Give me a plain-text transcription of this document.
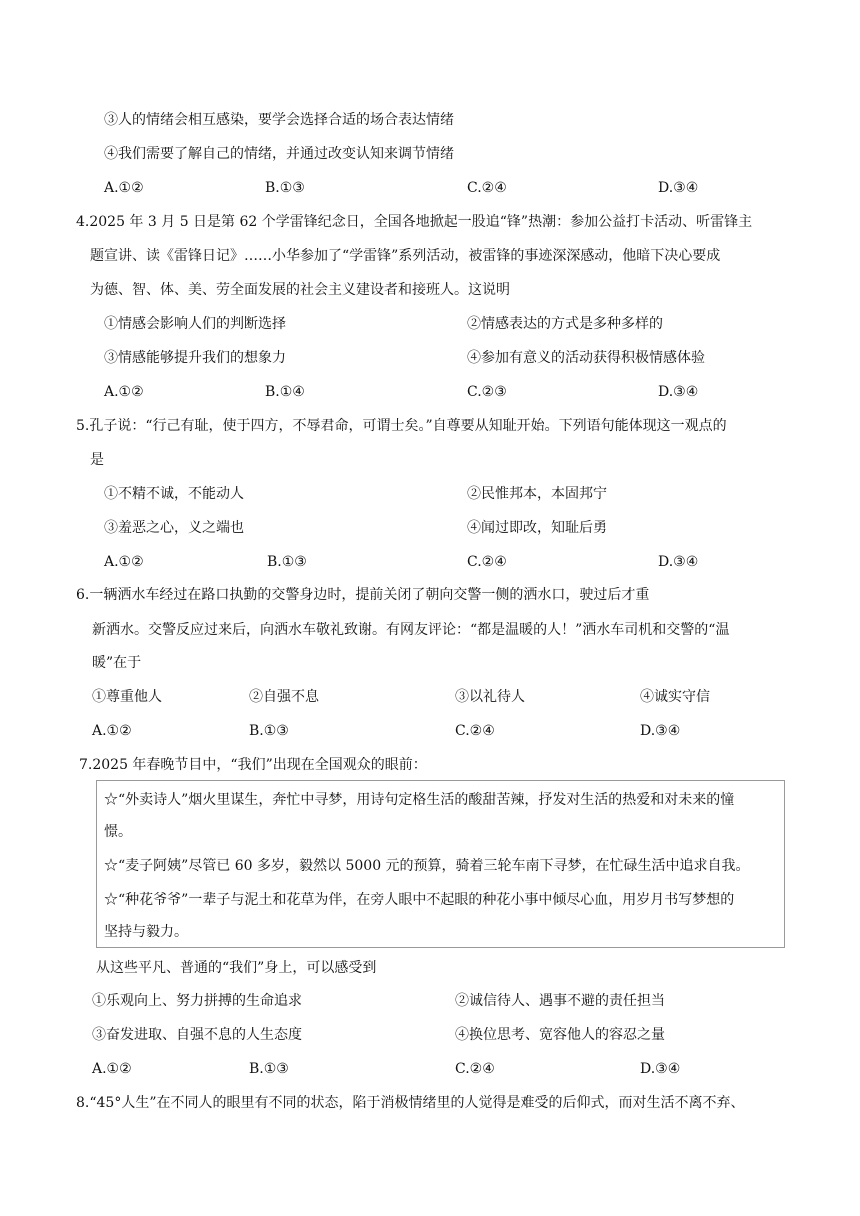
③人的情绪会相互感染，要学会选择合适的场合表达情绪
④我们需要了解自己的情绪，并通过改变认知来调节情绪
A.①②	B.①③	C.②④	D.③④
4.2025 年 3 月 5 日是第 62 个学雷锋纪念日，全国各地掀起一股追“锋”热潮：参加公益打卡活动、听雷锋主
题宣讲、读《雷锋日记》……小华参加了“学雷锋”系列活动，被雷锋的事迹深深感动，他暗下决心要成
为德、智、体、美、劳全面发展的社会主义建设者和接班人。这说明
①情感会影响人们的判断选择	②情感表达的方式是多种多样的
③情感能够提升我们的想象力	④参加有意义的活动获得积极情感体验
A.①②	B.①④	C.②③	D.③④
5.孔子说：“行己有耻，使于四方，不辱君命，可谓士矣。”自尊要从知耻开始。下列语句能体现这一观点的
是
①不精不诚，不能动人	②民惟邦本，本固邦宁
③羞恶之心，义之端也	④闻过即改，知耻后勇
A.①②	B.①③	C.②④	D.③④
6.一辆洒水车经过在路口执勤的交警身边时，提前关闭了朝向交警一侧的洒水口，驶过后才重
新洒水。交警反应过来后，向洒水车敬礼致谢。有网友评论：“都是温暖的人！”洒水车司机和交警的“温
暖”在于
①尊重他人	②自强不息	③以礼待人	④诚实守信
A.①②	B.①③	C.②④	D.③④
7.2025 年春晚节目中，“我们”出现在全国观众的眼前：
☆“外卖诗人”烟火里谋生，奔忙中寻梦，用诗句定格生活的酸甜苦辣，抒发对生活的热爱和对未来的憧
憬。
☆“麦子阿姨”尽管已 60 多岁，毅然以 5000 元的预算，骑着三轮车南下寻梦，在忙碌生活中追求自我。
☆“种花爷爷”一辈子与泥土和花草为伴，在旁人眼中不起眼的种花小事中倾尽心血，用岁月书写梦想的
坚持与毅力。
从这些平凡、普通的“我们”身上，可以感受到
①乐观向上、努力拼搏的生命追求	②诚信待人、遇事不避的责任担当
③奋发进取、自强不息的人生态度	④换位思考、宽容他人的容忍之量
A.①②	B.①③	C.②④	D.③④
8.“45°人生”在不同人的眼里有不同的状态，陷于消极情绪里的人觉得是难受的后仰式，而对生活不离不弃、
